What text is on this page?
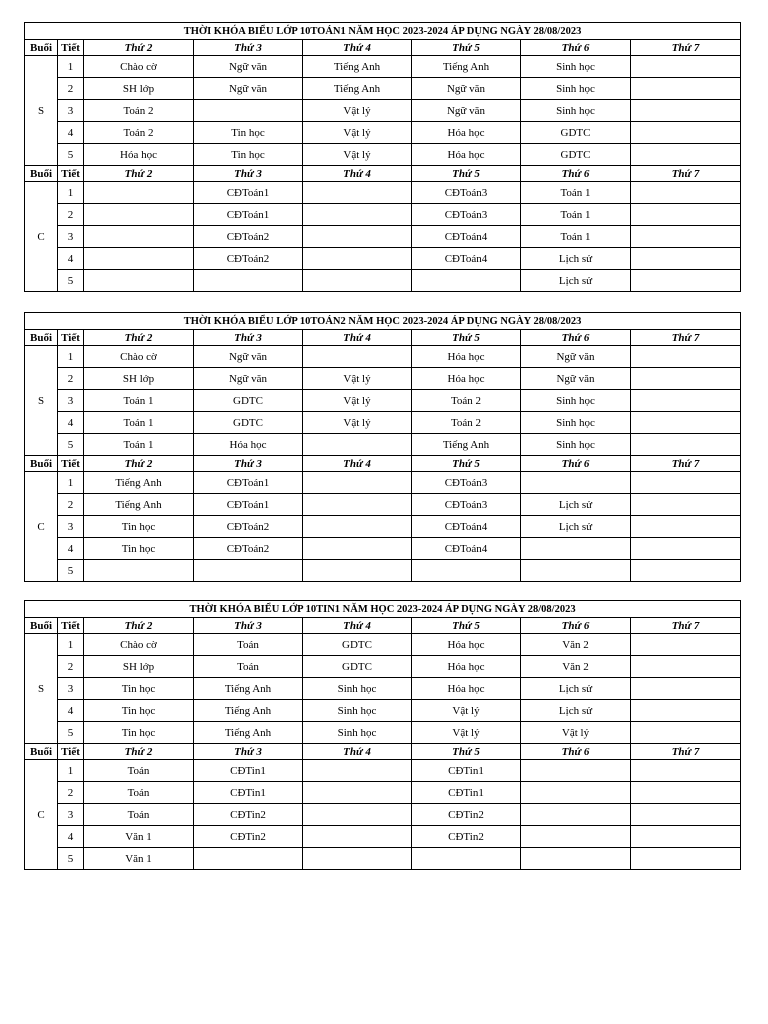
THỜI KHÓA BIỂU LỚP 10TOÁN1 NĂM HỌC 2023-2024 ÁP DỤNG NGÀY 28/08/2023							
Buổi	Tiết	Thứ 2	Thứ 3	Thứ 4	Thứ 5	Thứ 6	Thứ 7
S	1	Chào cờ	Ngữ văn	Tiếng Anh	Tiếng Anh	Sinh học	
	2	SH lớp	Ngữ văn	Tiếng Anh	Ngữ văn	Sinh học	
	3	Toán 2		Vật lý	Ngữ văn	Sinh học	
	4	Toán 2	Tin học	Vật lý	Hóa học	GDTC	
	5	Hóa học	Tin học	Vật lý	Hóa học	GDTC	
Buổi	Tiết	Thứ 2	Thứ 3	Thứ 4	Thứ 5	Thứ 6	Thứ 7
C	1		CĐToán1		CĐToán3	Toán 1	
	2		CĐToán1		CĐToán3	Toán 1	
	3		CĐToán2		CĐToán4	Toán 1	
	4		CĐToán2		CĐToán4	Lịch sử	
	5					Lịch sử	
THỜI KHÓA BIỂU LỚP 10TOÁN2 NĂM HỌC 2023-2024 ÁP DỤNG NGÀY 28/08/2023							
Buổi	Tiết	Thứ 2	Thứ 3	Thứ 4	Thứ 5	Thứ 6	Thứ 7
S	1	Chào cờ	Ngữ văn		Hóa học	Ngữ văn	
	2	SH lớp	Ngữ văn	Vật lý	Hóa học	Ngữ văn	
	3	Toán 1	GDTC	Vật lý	Toán 2	Sinh học	
	4	Toán 1	GDTC	Vật lý	Toán 2	Sinh học	
	5	Toán 1	Hóa học		Tiếng Anh	Sinh học	
Buổi	Tiết	Thứ 2	Thứ 3	Thứ 4	Thứ 5	Thứ 6	Thứ 7
C	1	Tiếng Anh	CĐToán1		CĐToán3		
	2	Tiếng Anh	CĐToán1		CĐToán3	Lịch sử	
	3	Tin học	CĐToán2		CĐToán4	Lịch sử	
	4	Tin học	CĐToán2		CĐToán4		
	5						
THỜI KHÓA BIỂU LỚP 10TIN1 NĂM HỌC 2023-2024 ÁP DỤNG NGÀY 28/08/2023							
Buổi	Tiết	Thứ 2	Thứ 3	Thứ 4	Thứ 5	Thứ 6	Thứ 7
S	1	Chào cờ	Toán	GDTC	Hóa học	Văn 2	
	2	SH lớp	Toán	GDTC	Hóa học	Văn 2	
	3	Tin học	Tiếng Anh	Sinh học	Hóa học	Lịch sử	
	4	Tin học	Tiếng Anh	Sinh học	Vật lý	Lịch sử	
	5	Tin học	Tiếng Anh	Sinh học	Vật lý	Vật lý	
Buổi	Tiết	Thứ 2	Thứ 3	Thứ 4	Thứ 5	Thứ 6	Thứ 7
C	1	Toán	CĐTin1		CĐTin1		
	2	Toán	CĐTin1		CĐTin1		
	3	Toán	CĐTin2		CĐTin2		
	4	Văn 1	CĐTin2		CĐTin2		
	5	Văn 1					
